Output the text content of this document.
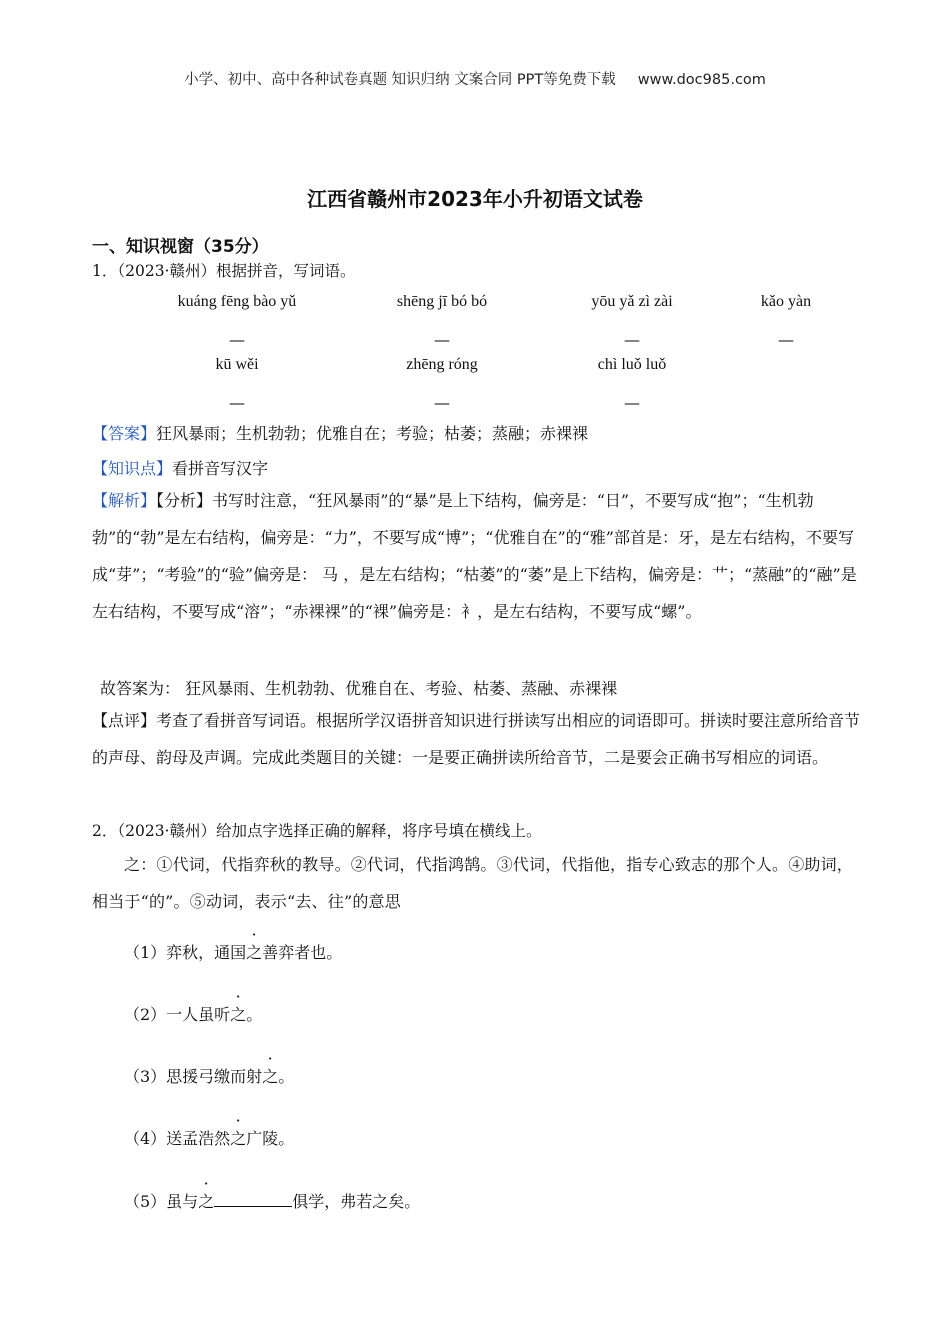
小学、初中、高中各种试卷真题 知识归纳 文案合同 PPT等免费下载 www.doc985.com
江西省赣州市2023年小升初语文试卷
一、知识视窗（35分）
1．（2023·赣州）根据拼音，写词语。
kuáng fēng bào yǔ	shēng jī bó bó	yōu yǎ zì zài	kǎo yàn
—	—	—	—
kū wěi	zhēng róng	chì luǒ luǒ
—	—	—
【答案】狂风暴雨；生机勃勃；优雅自在；考验；枯萎；蒸融；赤裸裸
【知识点】看拼音写汉字
【解析】【分析】书写时注意，“狂风暴雨”的“暴”是上下结构，偏旁是：“日”，不要写成“抱”；“生机勃勃”的“勃”是左右结构，偏旁是：“力”，不要写成“博”；“优雅自在”的“雅”部首是：牙，是左右结构，不要写成“芽”；“考验”的“验”偏旁是： 马 ，是左右结构；“枯萎”的“萎”是上下结构，偏旁是：艹；“蒸融”的“融”是左右结构，不要写成“溶”；“赤裸裸”的“裸”偏旁是：衤，是左右结构，不要写成“螺”。
故答案为： 狂风暴雨、生机勃勃、优雅自在、考验、枯萎、蒸融、赤裸裸
【点评】考查了看拼音写词语。根据所学汉语拼音知识进行拼读写出相应的词语即可。拼读时要注意所给音节的声母、韵母及声调。完成此类题目的关键：一是要正确拼读所给音节，二是要会正确书写相应的词语。
2．（2023·赣州）给加点字选择正确的解释，将序号填在横线上。
之：①代词，代指弈秋的教导。②代词，代指鸿鹄。③代词，代指他，指专心致志的那个人。④助词，相当于“的”。⑤动词，表示“去、往”的意思
（1）弈秋，通国之善弈者也。
（2）一人虽听之。
（3）思援弓缴而射之。
（4）送孟浩然之广陵。
（5）虽与之	俱学，弗若之矣。
